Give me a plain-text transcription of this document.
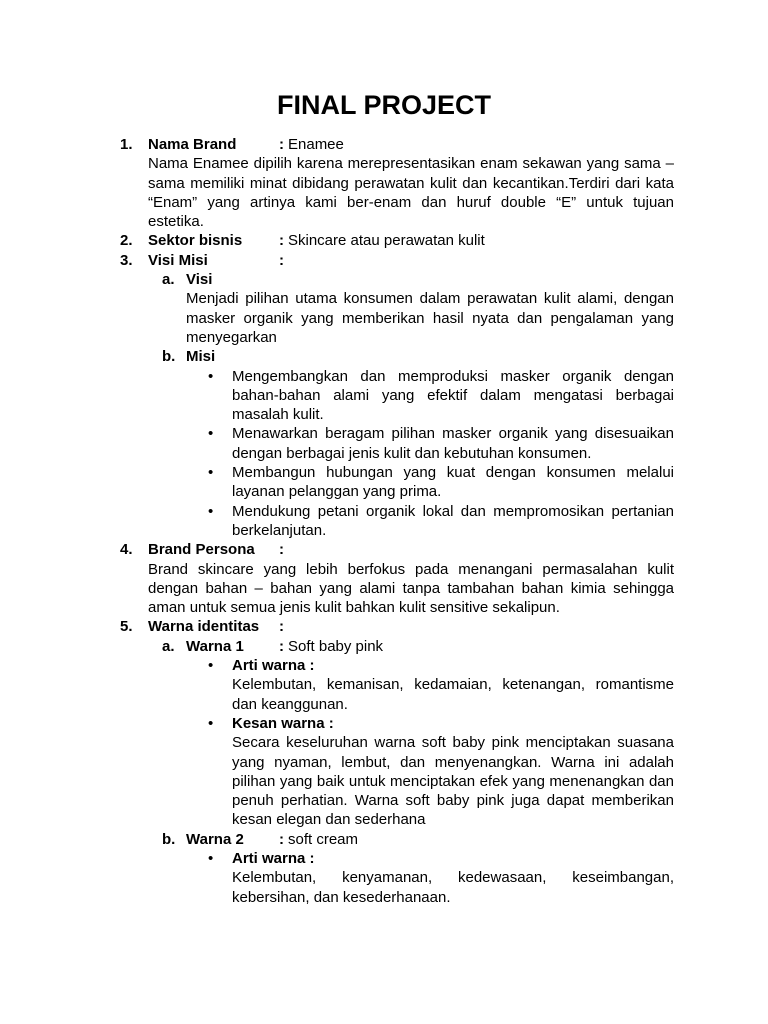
FINAL PROJECT
1. Nama Brand	: Enamee
Nama Enamee dipilih karena merepresentasikan enam sekawan yang sama – sama memiliki minat dibidang perawatan kulit dan kecantikan.Terdiri dari kata “Enam” yang artinya kami ber-enam dan huruf double “E” untuk tujuan estetika.
2. Sektor bisnis : Skincare atau perawatan kulit
3. Visi Misi	:
a. Visi
Menjadi pilihan utama konsumen dalam perawatan kulit alami, dengan masker organik yang memberikan hasil nyata dan pengalaman yang menyegarkan
b. Misi
• Mengembangkan dan memproduksi masker organik dengan bahan-bahan alami yang efektif dalam mengatasi berbagai masalah kulit.
• Menawarkan beragam pilihan masker organik yang disesuaikan dengan berbagai jenis kulit dan kebutuhan konsumen.
• Membangun hubungan yang kuat dengan konsumen melalui layanan pelanggan yang prima.
• Mendukung petani organik lokal dan mempromosikan pertanian berkelanjutan.
4. Brand Persona :
Brand skincare yang lebih berfokus pada menangani permasalahan kulit dengan bahan – bahan yang alami tanpa tambahan bahan kimia sehingga aman untuk semua jenis kulit bahkan kulit sensitive sekalipun.
5. Warna identitas :
a. Warna 1 : Soft baby pink
• Arti warna :
Kelembutan, kemanisan, kedamaian, ketenangan, romantisme dan keanggunan.
• Kesan warna :
Secara keseluruhan warna soft baby pink menciptakan suasana yang nyaman, lembut, dan menyenangkan. Warna ini adalah pilihan yang baik untuk menciptakan efek yang menenangkan dan penuh perhatian. Warna soft baby pink juga dapat memberikan kesan elegan dan sederhana
b. Warna 2 : soft cream
• Arti warna :
Kelembutan, kenyamanan, kedewasaan, keseimbangan, kebersihan, dan kesederhanaan.
